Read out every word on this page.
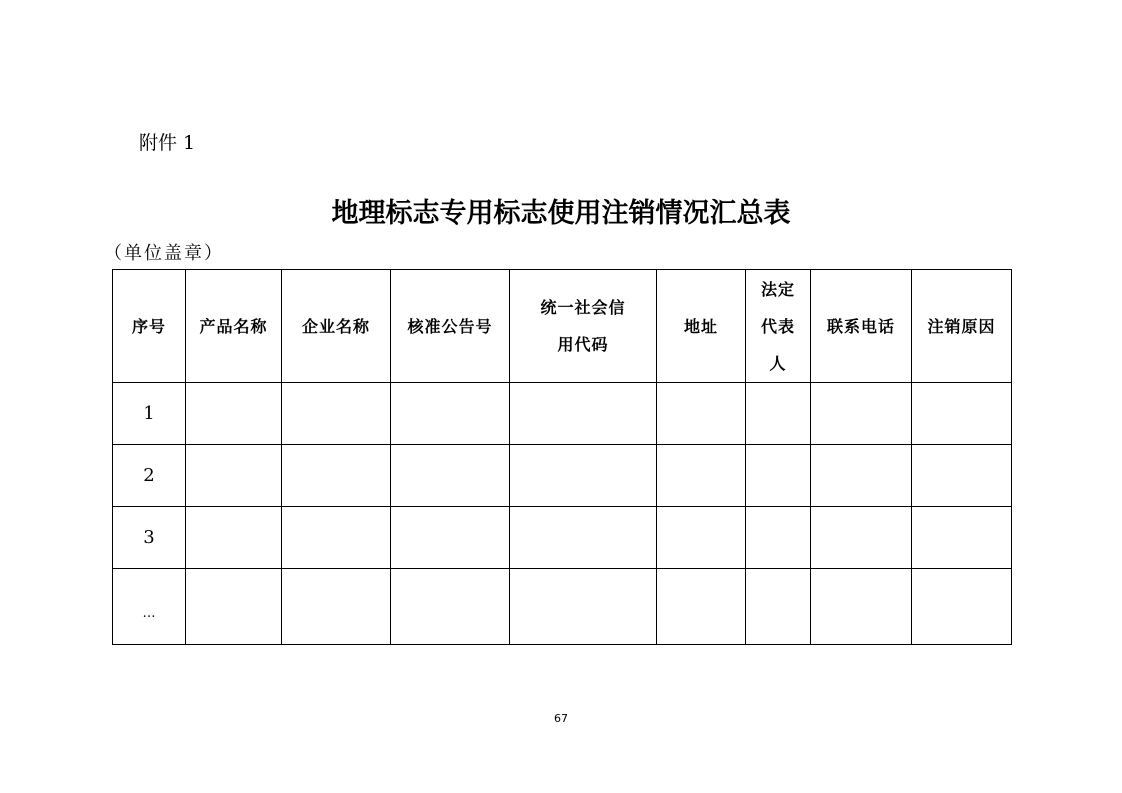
附件 1
地理标志专用标志使用注销情况汇总表
（单位盖章）
序号	产品名称	企业名称	核准公告号	统一社会信用代码	地址	法定代表人	联系电话	注销原因
1								
2								
3								
…								
67
